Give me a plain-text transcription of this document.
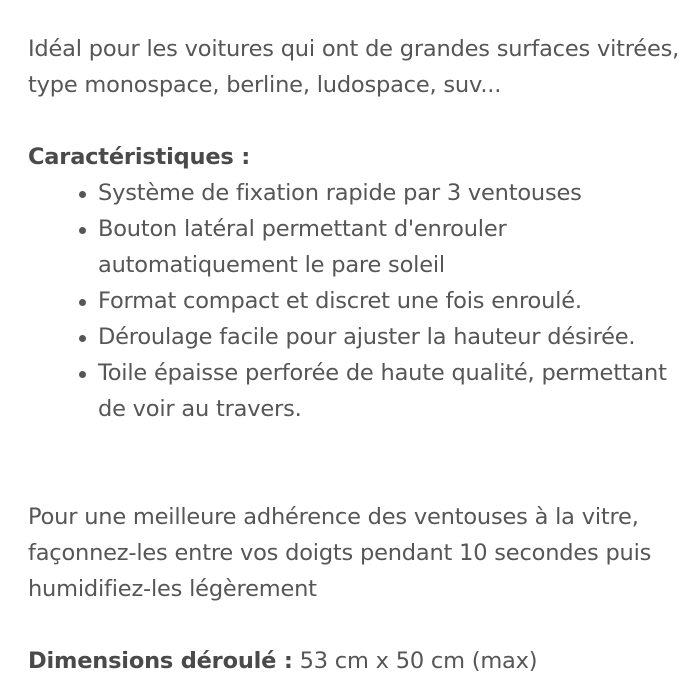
Idéal pour les voitures qui ont de grandes surfaces vitrées, type monospace, berline, ludospace, suv...

Caractéristiques :

Système de fixation rapide par 3 ventouses
Bouton latéral permettant d'enrouler automatiquement le pare soleil
Format compact et discret une fois enroulé.
Déroulage facile pour ajuster la hauteur désirée.
Toile épaisse perforée de haute qualité, permettant de voir au travers.

Pour une meilleure adhérence des ventouses à la vitre, façonnez-les entre vos doigts pendant 10 secondes puis humidifiez-les légèrement

Dimensions déroulé : 53 cm x 50 cm (max)
